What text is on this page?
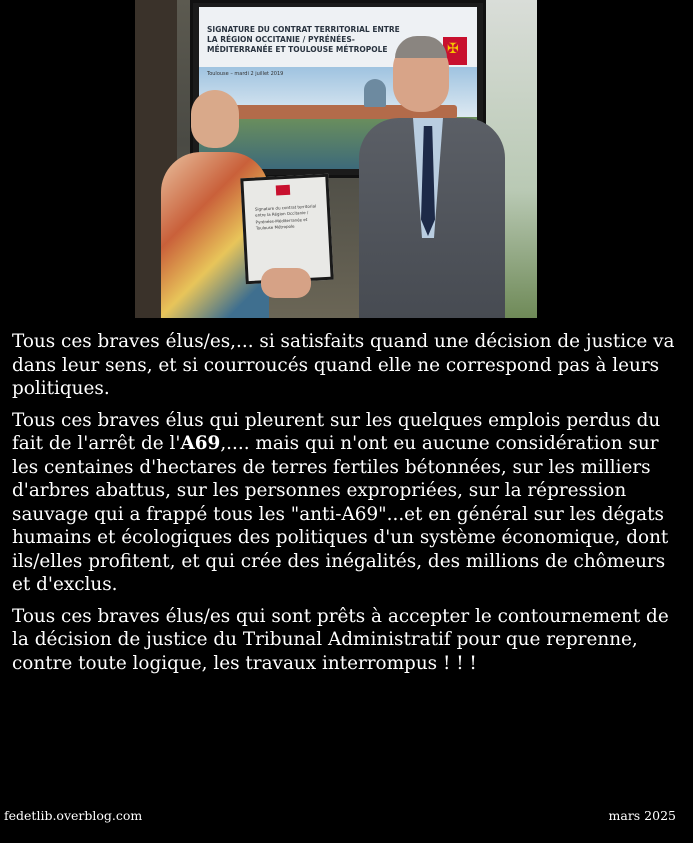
SIGNATURE DU CONTRAT TERRITORIAL ENTRE LA RÉGION OCCITANIE / PYRÉNÉES-MÉDITERRANÉE ET TOULOUSE MÉTROPOLE
Toulouse – mardi 2 juillet 2019
✠
Signature du contrat territorial entre la Région Occitanie / Pyrénées-Méditerranée et Toulouse Métropole

Tous ces braves élus/es,... si satisfaits quand une décision de justice va dans leur sens, et si courroucés quand elle ne correspond pas à leurs politiques.

Tous ces braves élus qui pleurent sur les quelques emplois perdus du fait de l'arrêt de l'A69,.... mais qui n'ont eu aucune considération sur les centaines d'hectares de terres fertiles bétonnées, sur les milliers d'arbres abattus, sur les personnes expropriées, sur la répression sauvage qui a frappé tous les "anti-A69"...et en général sur les dégats humains et écologiques des politiques d'un système économique, dont ils/elles profitent, et qui crée des inégalités, des millions de chômeurs et d'exclus.

Tous ces braves élus/es qui sont prêts à accepter le contournement de la décision de justice du Tribunal Administratif pour que reprenne, contre toute logique, les travaux interrompus ! ! !

fedetlib.overblog.com	mars 2025
